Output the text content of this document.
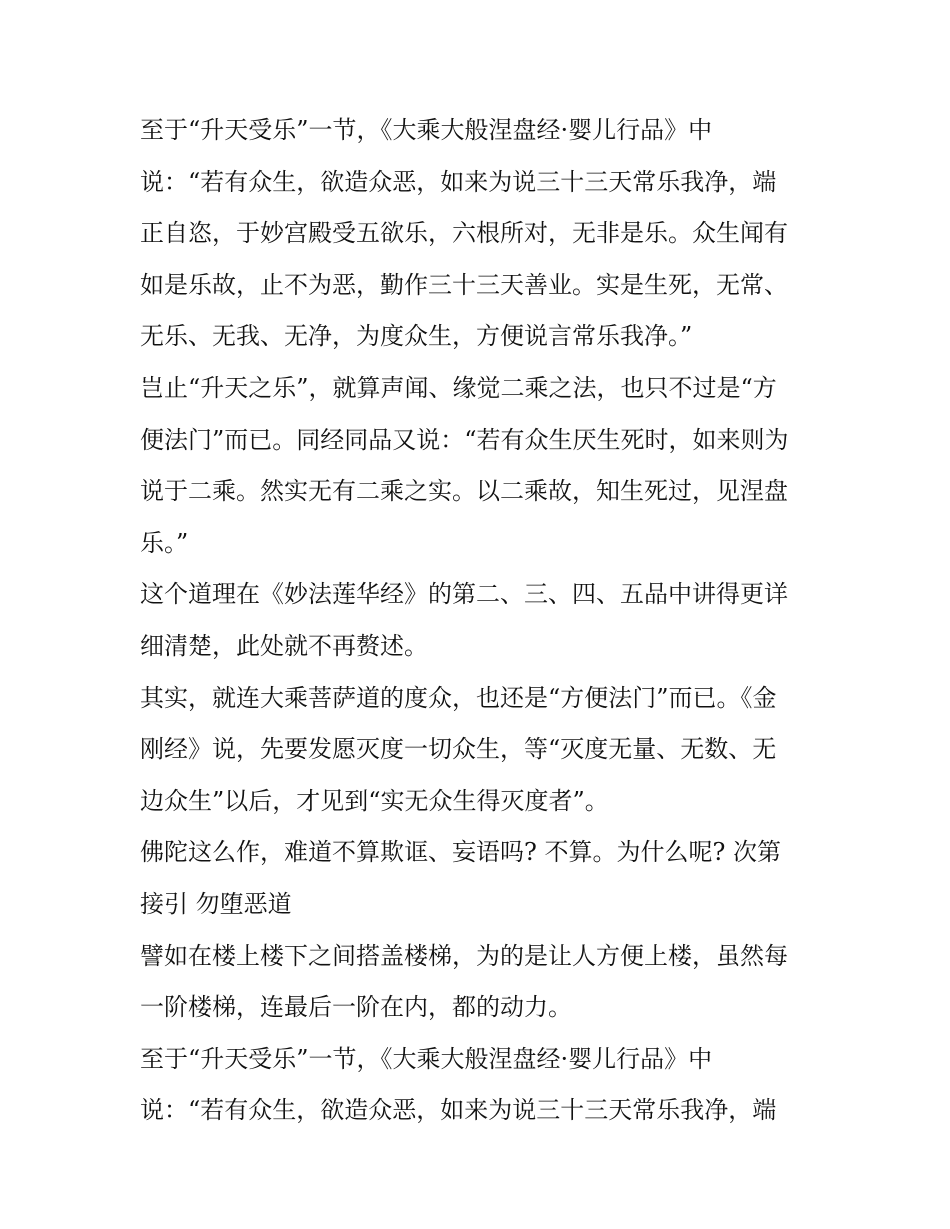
至于“升天受乐”一节，《大乘大般涅盘经·婴儿行品》中
说：“若有众生，欲造众恶，如来为说三十三天常乐我净，端
正自恣，于妙宫殿受五欲乐，六根所对，无非是乐。众生闻有
如是乐故，止不为恶，勤作三十三天善业。实是生死，无常、
无乐、无我、无净，为度众生，方便说言常乐我净。”
岂止“升天之乐”，就算声闻、缘觉二乘之法，也只不过是“方
便法门”而已。同经同品又说：“若有众生厌生死时，如来则为
说于二乘。然实无有二乘之实。以二乘故，知生死过，见涅盘
乐。”
这个道理在《妙法莲华经》的第二、三、四、五品中讲得更详
细清楚，此处就不再赘述。
其实，就连大乘菩萨道的度众，也还是“方便法门”而已。《金
刚经》说，先要发愿灭度一切众生，等“灭度无量、无数、无
边众生”以后，才见到“实无众生得灭度者”。
佛陀这么作，难道不算欺诓、妄语吗? 不算。为什么呢? 次第
接引 勿堕恶道
譬如在楼上楼下之间搭盖楼梯，为的是让人方便上楼，虽然每
一阶楼梯，连最后一阶在内，都的动力。
至于“升天受乐”一节，《大乘大般涅盘经·婴儿行品》中
说：“若有众生，欲造众恶，如来为说三十三天常乐我净，端
